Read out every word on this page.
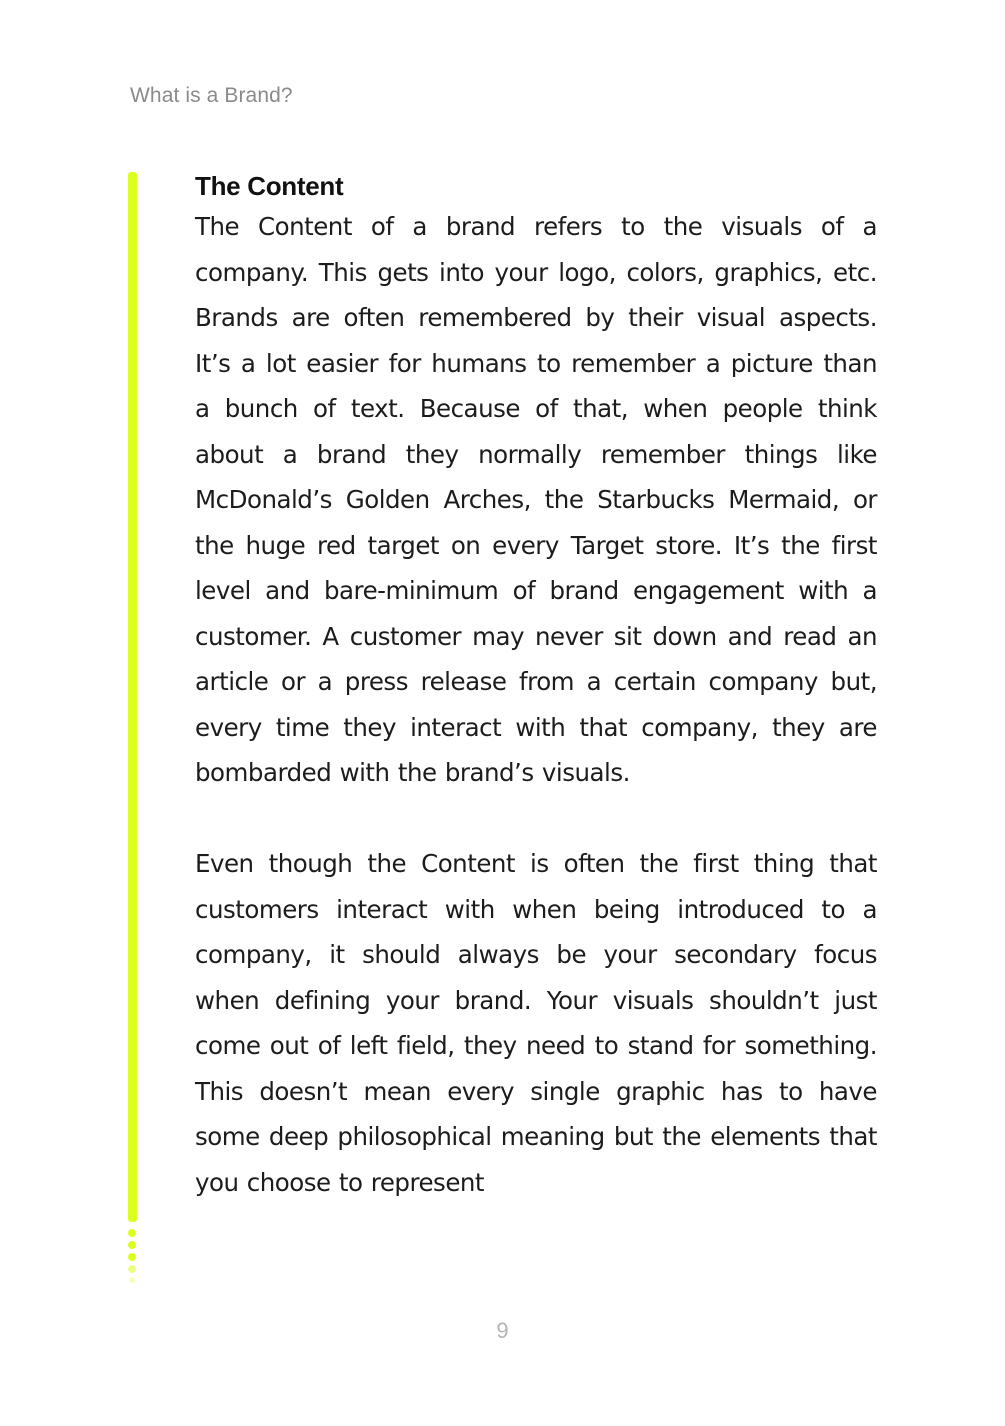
What is a Brand?
The Content

The Content of a brand refers to the visuals of a company. This gets into your logo, colors, graphics, etc. Brands are often remembered by their visual aspects. It’s a lot easier for humans to remember a picture than a bunch of text. Because of that, when people think about a brand they normally remember things like McDonald’s Golden Arches, the Starbucks Mermaid, or the huge red target on every Target store. It’s the first level and bare-minimum of brand engagement with a customer. A customer may never sit down and read an article or a press release from a certain company but, every time they interact with that company, they are bombarded with the brand’s visuals.

Even though the Content is often the first thing that customers interact with when being introduced to a company, it should always be your secondary focus when defining your brand. Your visuals shouldn’t just come out of left field, they need to stand for something. This doesn’t mean every single graphic has to have some deep philosophical meaning but the elements that you choose to represent

9
